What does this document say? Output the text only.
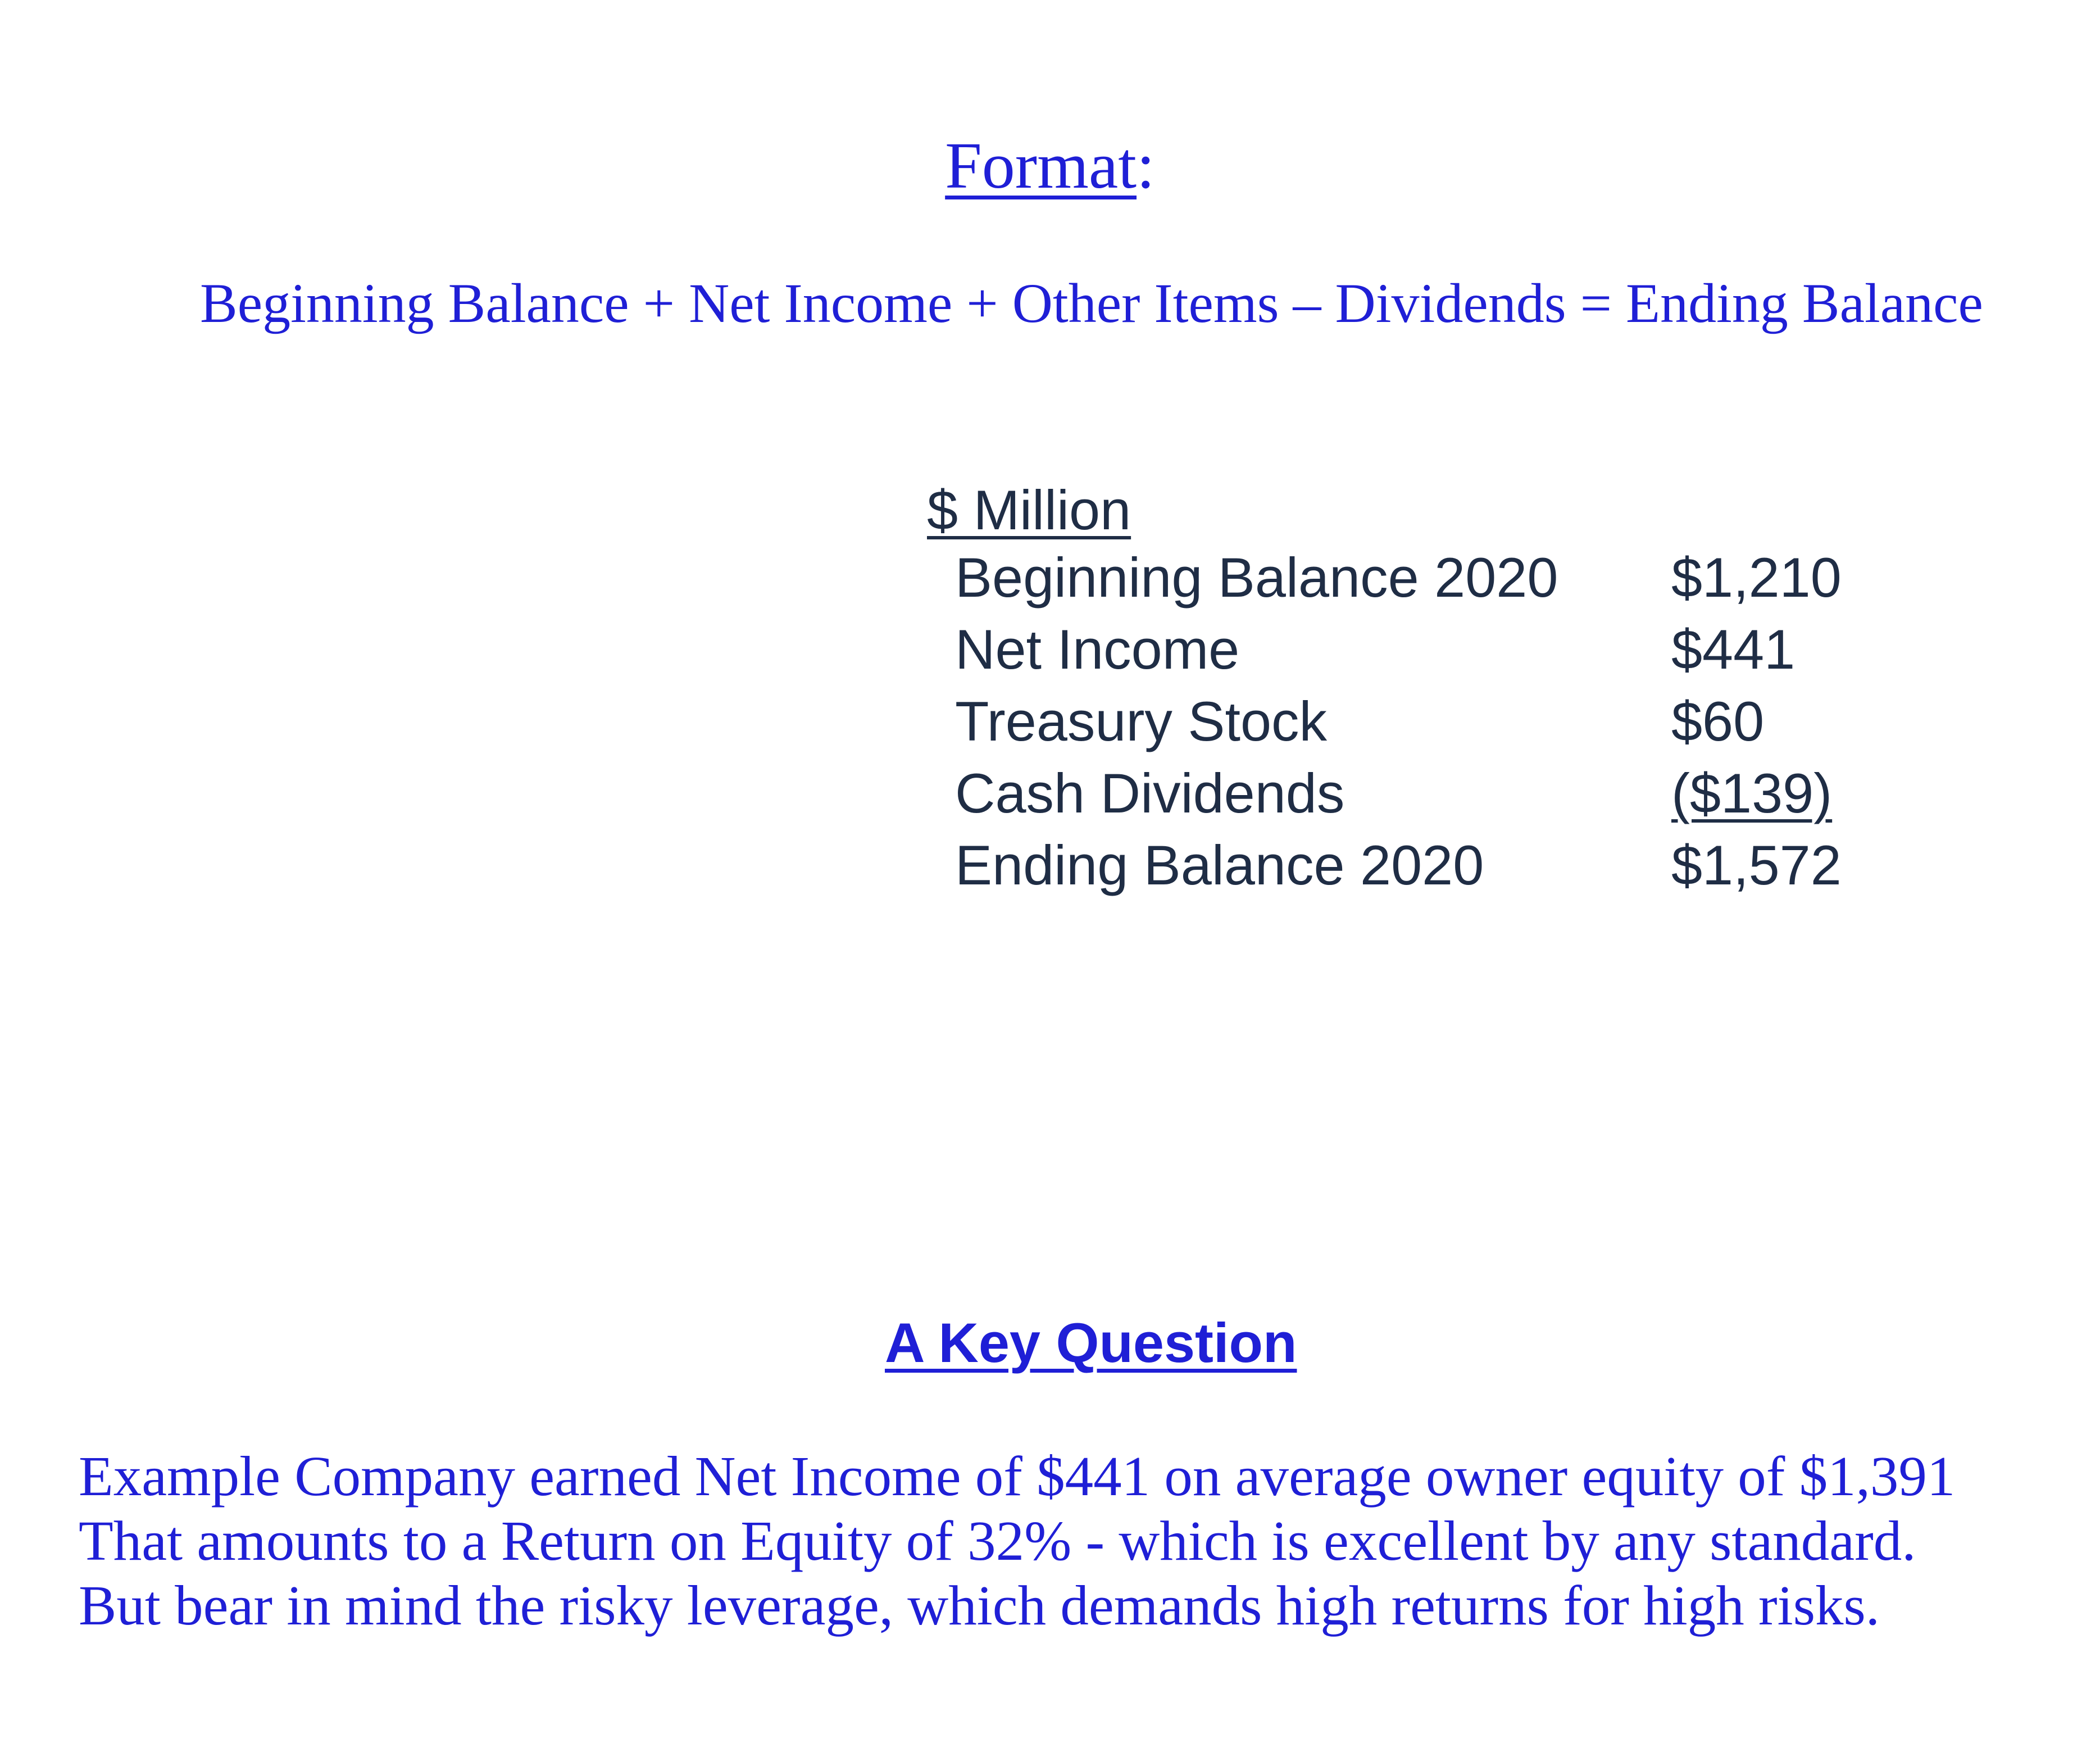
Format:
Beginning Balance + Net Income + Other Items – Dividends = Ending Balance
$ Million
Beginning Balance 2020 $1,210
Net Income	$441
Treasury Stock	$60
Cash Dividends	($139)
Ending Balance 2020	$1,572
A Key Question
Example Company earned Net Income of $441 on average owner equity of $1,391
That amounts to a Return on Equity of 32% - which is excellent by any standard.
But bear in mind the risky leverage, which demands high returns for high risks.
